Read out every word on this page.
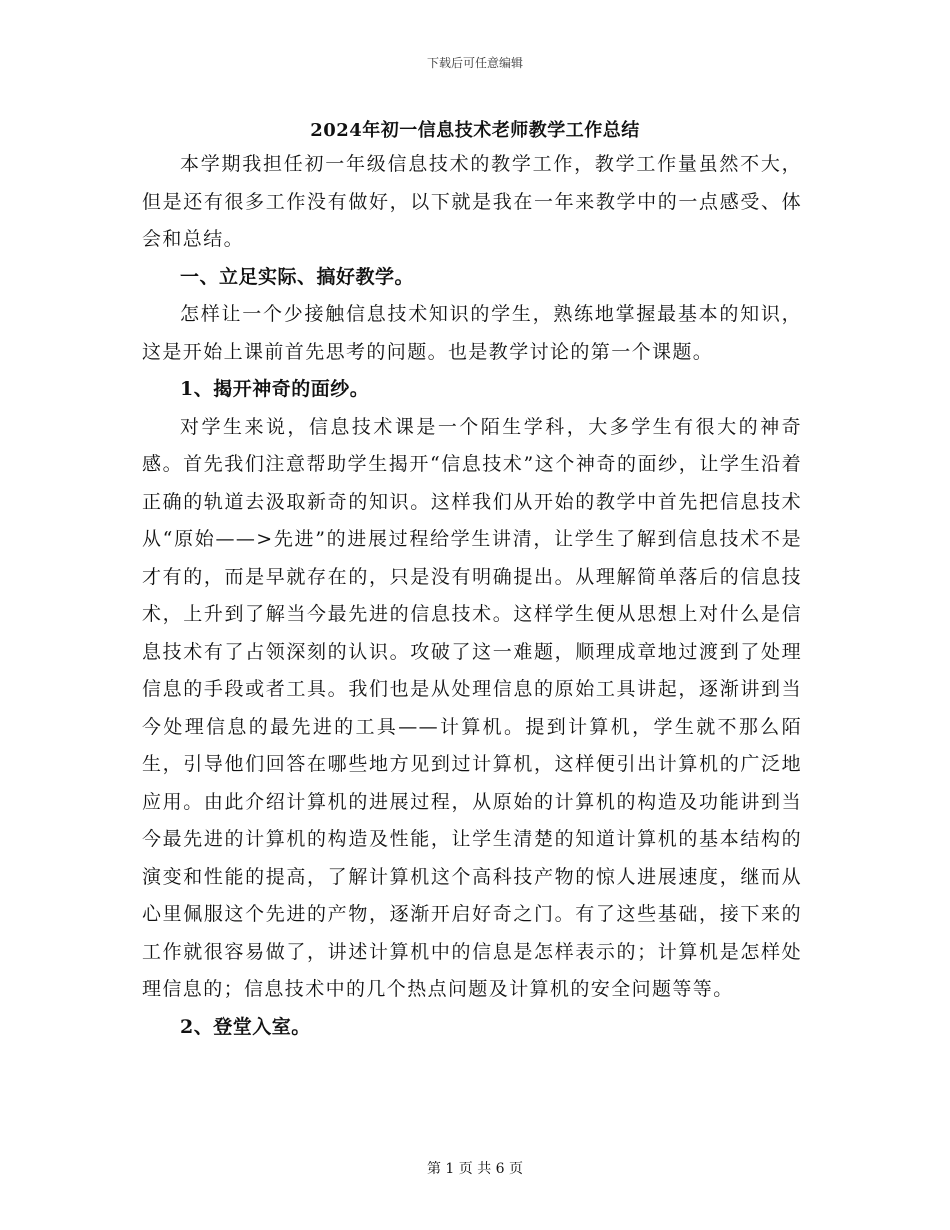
下载后可任意编辑
2024年初一信息技术老师教学工作总结

本学期我担任初一年级信息技术的教学工作，教学工作量虽然不大，但是还有很多工作没有做好，以下就是我在一年来教学中的一点感受、体会和总结。

一、立足实际、搞好教学。

怎样让一个少接触信息技术知识的学生，熟练地掌握最基本的知识，这是开始上课前首先思考的问题。也是教学讨论的第一个课题。

1、揭开神奇的面纱。

对学生来说，信息技术课是一个陌生学科，大多学生有很大的神奇感。首先我们注意帮助学生揭开“信息技术”这个神奇的面纱，让学生沿着正确的轨道去汲取新奇的知识。这样我们从开始的教学中首先把信息技术从“原始——>先进”的进展过程给学生讲清，让学生了解到信息技术不是才有的，而是早就存在的，只是没有明确提出。从理解简单落后的信息技术，上升到了解当今最先进的信息技术。这样学生便从思想上对什么是信息技术有了占领深刻的认识。攻破了这一难题，顺理成章地过渡到了处理信息的手段或者工具。我们也是从处理信息的原始工具讲起，逐渐讲到当今处理信息的最先进的工具——计算机。提到计算机，学生就不那么陌生，引导他们回答在哪些地方见到过计算机，这样便引出计算机的广泛地应用。由此介绍计算机的进展过程，从原始的计算机的构造及功能讲到当今最先进的计算机的构造及性能，让学生清楚的知道计算机的基本结构的演变和性能的提高，了解计算机这个高科技产物的惊人进展速度，继而从心里佩服这个先进的产物，逐渐开启好奇之门。有了这些基础，接下来的工作就很容易做了，讲述计算机中的信息是怎样表示的；计算机是怎样处理信息的；信息技术中的几个热点问题及计算机的安全问题等等。

2、登堂入室。

第 1 页 共 6 页
